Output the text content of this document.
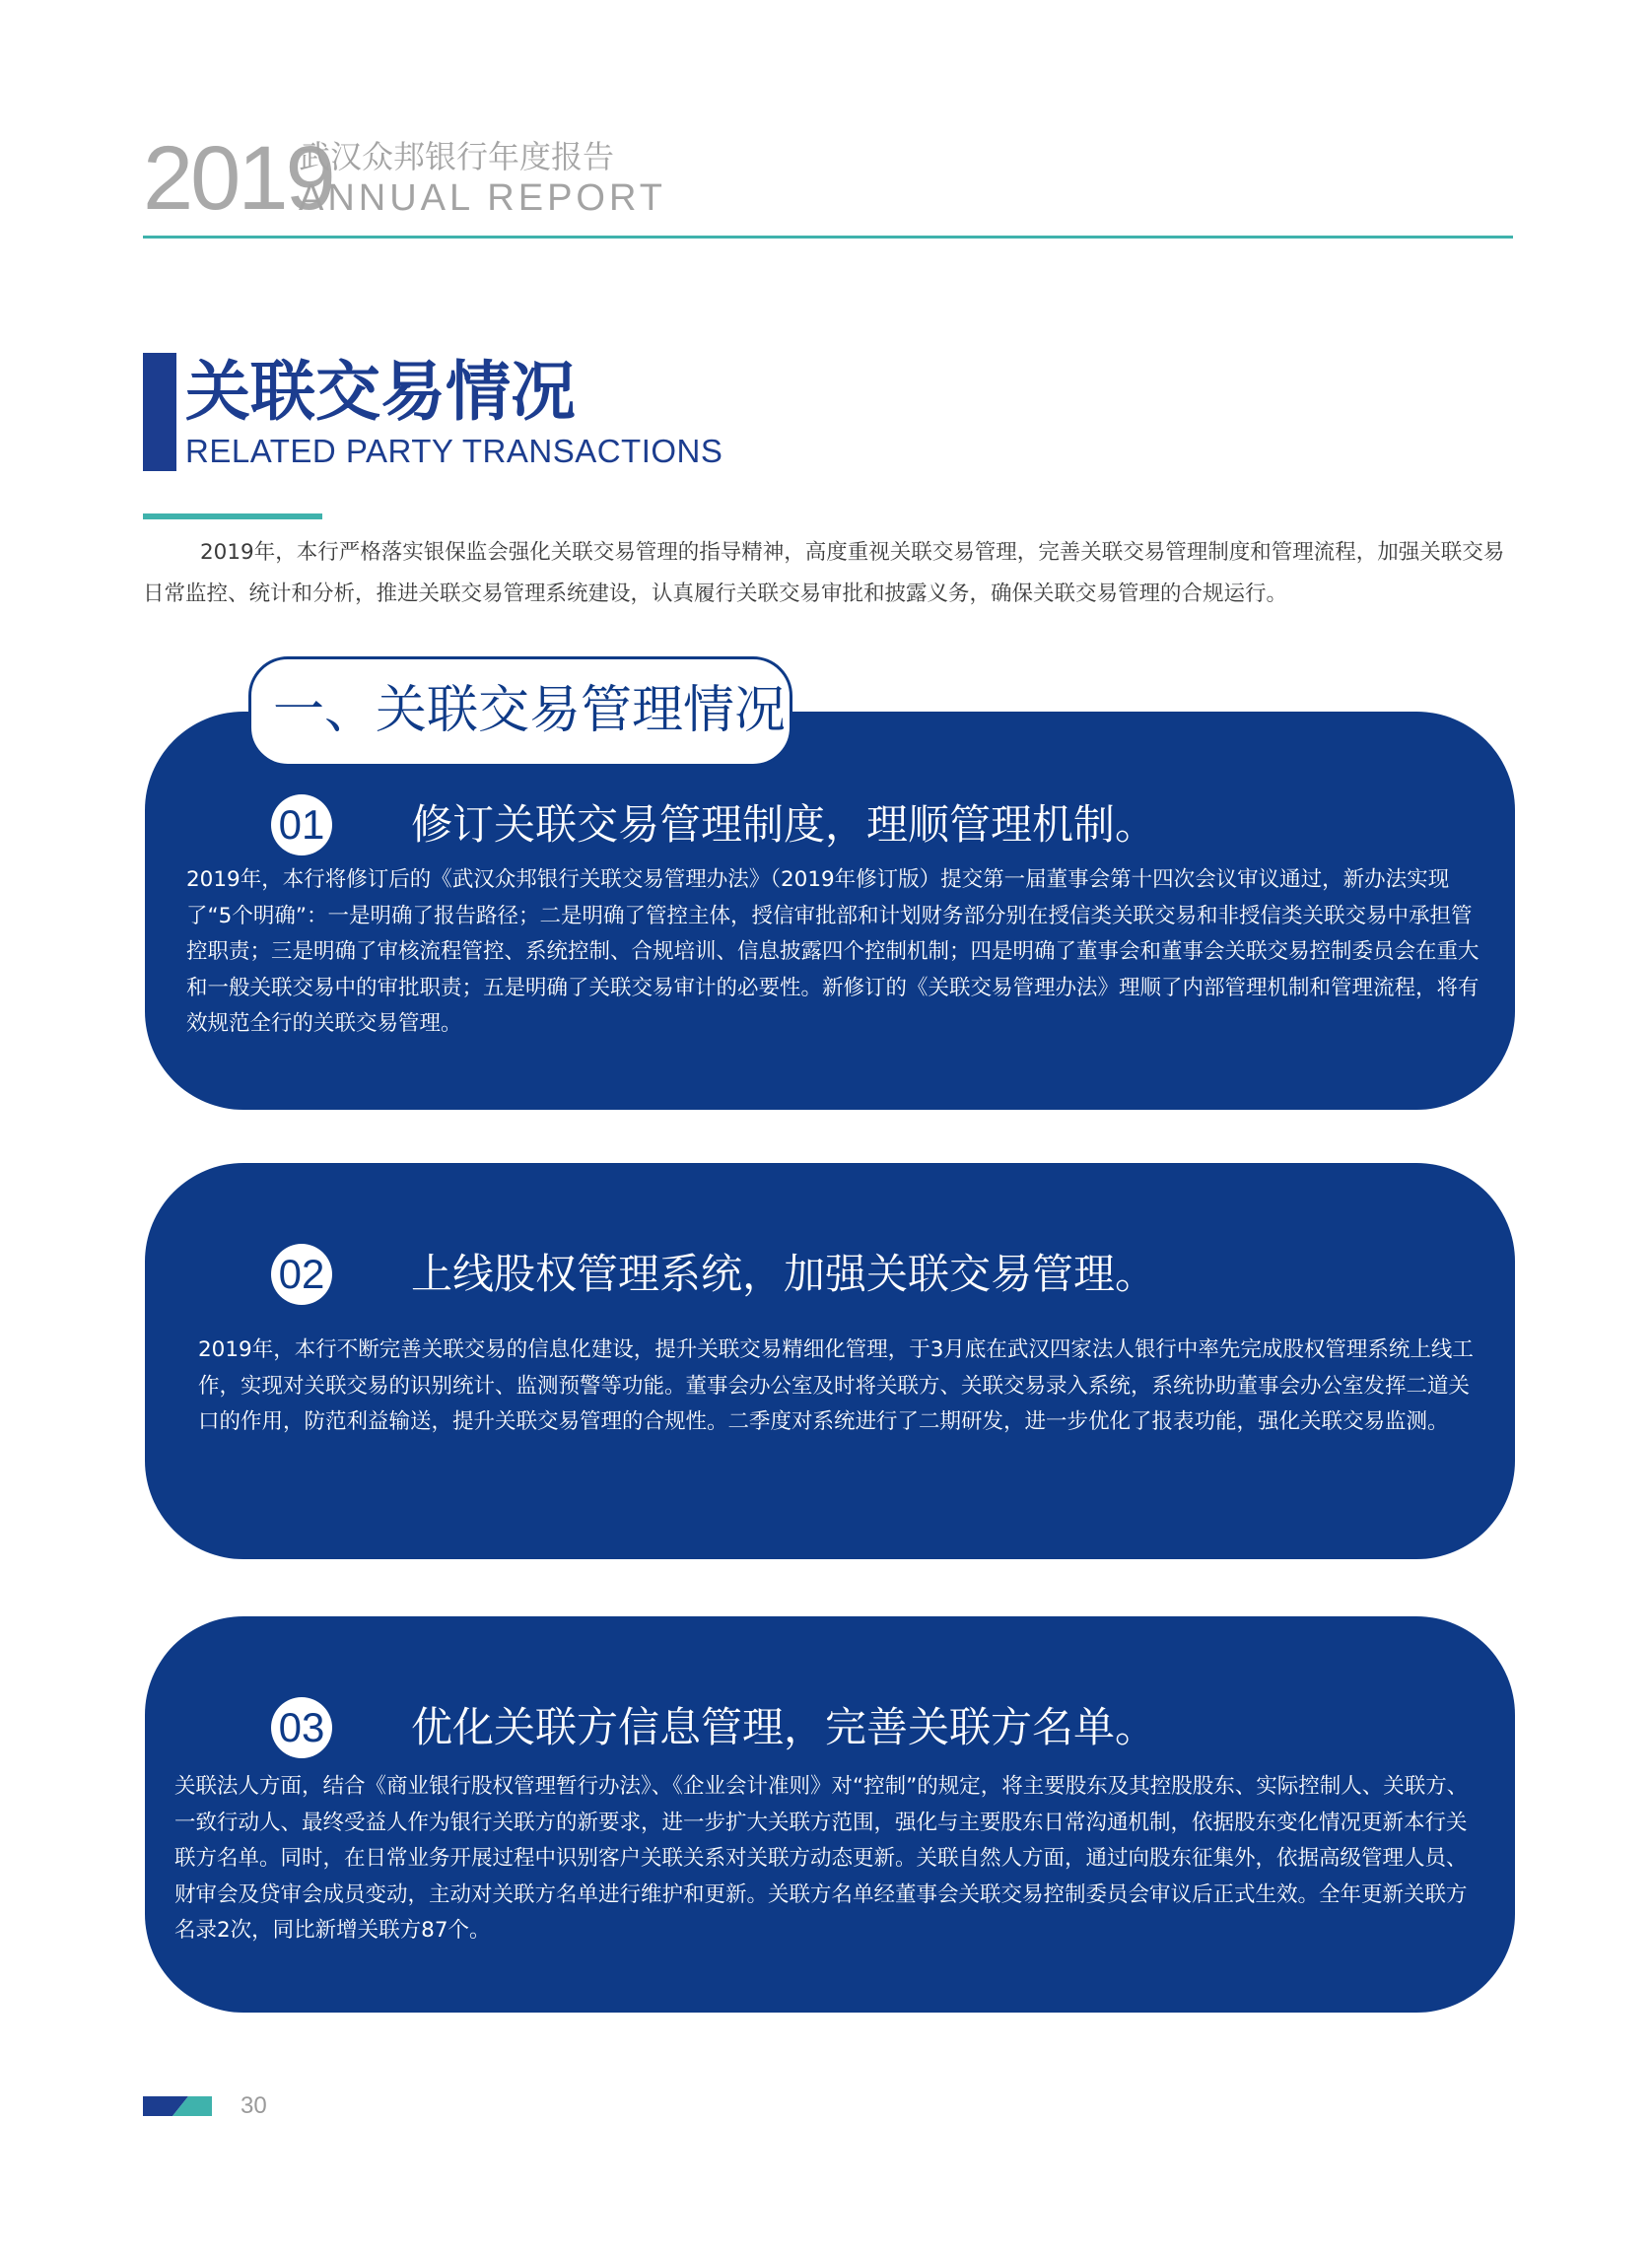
2019
武汉众邦银行年度报告
ANNUAL REPORT
关联交易情况
RELATED PARTY TRANSACTIONS
2019年，本行严格落实银保监会强化关联交易管理的指导精神，高度重视关联交易管理，完善关联交易管理制度和管理流程，加强关联交易日常监控、统计和分析，推进关联交易管理系统建设，认真履行关联交易审批和披露义务，确保关联交易管理的合规运行。
01 修订关联交易管理制度，理顺管理机制。
2019年，本行将修订后的《武汉众邦银行关联交易管理办法》（2019年修订版）提交第一届董事会第十四次会议审议通过，新办法实现了“5个明确”：一是明确了报告路径；二是明确了管控主体，授信审批部和计划财务部分别在授信类关联交易和非授信类关联交易中承担管控职责；三是明确了审核流程管控、系统控制、合规培训、信息披露四个控制机制；四是明确了董事会和董事会关联交易控制委员会在重大和一般关联交易中的审批职责；五是明确了关联交易审计的必要性。新修订的《关联交易管理办法》理顺了内部管理机制和管理流程，将有效规范全行的关联交易管理。
一、关联交易管理情况
02 上线股权管理系统，加强关联交易管理。
2019年，本行不断完善关联交易的信息化建设，提升关联交易精细化管理，于3月底在武汉四家法人银行中率先完成股权管理系统上线工作，实现对关联交易的识别统计、监测预警等功能。董事会办公室及时将关联方、关联交易录入系统，系统协助董事会办公室发挥二道关口的作用，防范利益输送，提升关联交易管理的合规性。二季度对系统进行了二期研发，进一步优化了报表功能，强化关联交易监测。
03 优化关联方信息管理，完善关联方名单。
关联法人方面，结合《商业银行股权管理暂行办法》、《企业会计准则》对“控制”的规定，将主要股东及其控股股东、实际控制人、关联方、一致行动人、最终受益人作为银行关联方的新要求，进一步扩大关联方范围，强化与主要股东日常沟通机制，依据股东变化情况更新本行关联方名单。同时，在日常业务开展过程中识别客户关联关系对关联方动态更新。关联自然人方面，通过向股东征集外，依据高级管理人员、财审会及贷审会成员变动，主动对关联方名单进行维护和更新。关联方名单经董事会关联交易控制委员会审议后正式生效。全年更新关联方名录2次，同比新增关联方87个。
30
